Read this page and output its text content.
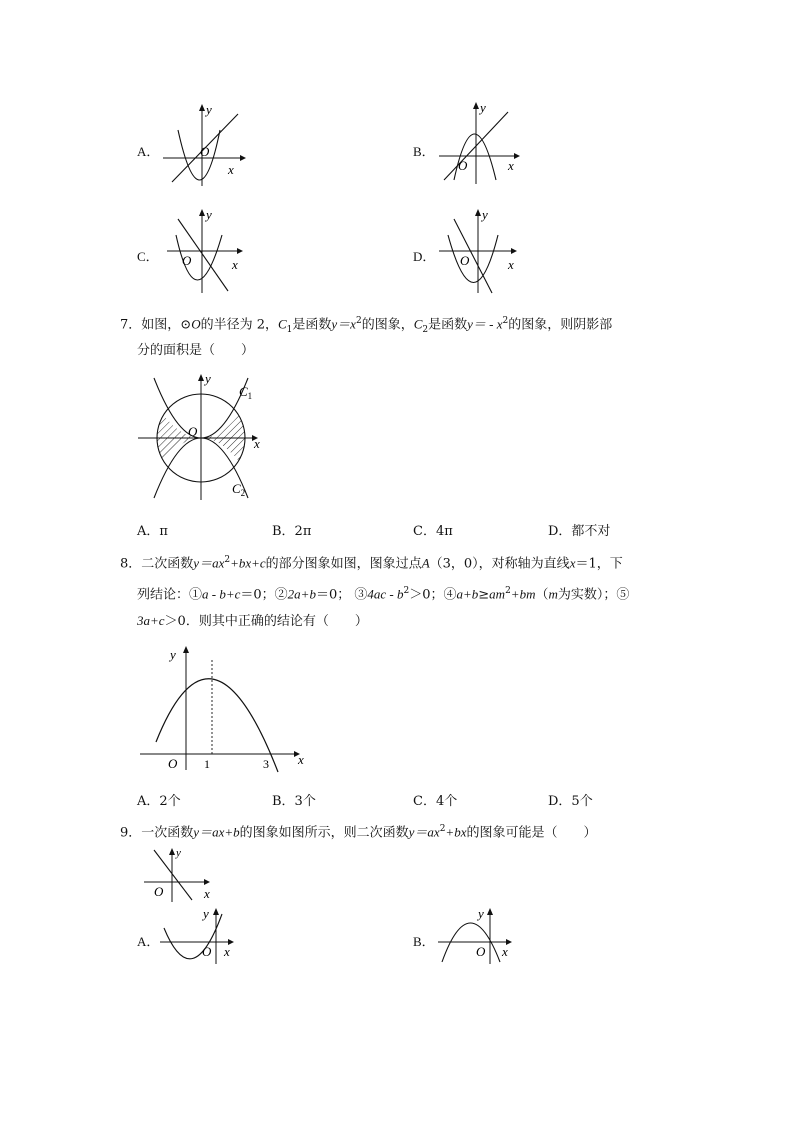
A．
y
O
x
B．
y
O	x
C．
y
O	x
D．
y
O	x
7．如图，⊙O的半径为 2，$C_1$是函数$y=x^2$的图象，$C_2$是函数$y= - x^2$的图象，则阴影部
分的面积是（　　）
y
O
x
$C_1$
$C_2$
A．π	B．2π	C．4π	D．都不对
8．二次函数$y=ax^2+bx+c$的部分图象如图，图象过点A（3，0），对称轴为直线x＝1，下
列结论：①a - b+c＝0；②2a+b＝0； ③4ac - $b^2>0$；$④a+b\ge am^2+bm(m$为实数）；⑤
3a+c＞0．则其中正确的结论有（　　）
y
O 1	3 x
A．2个	B．3个	C．4个	D．5个
9．一次函数y＝ax+b的图象如图所示，则二次函数$y=ax^2+bx$的图象可能是（　　）
O	x
y
A．
y
O x
B．
y
O x
